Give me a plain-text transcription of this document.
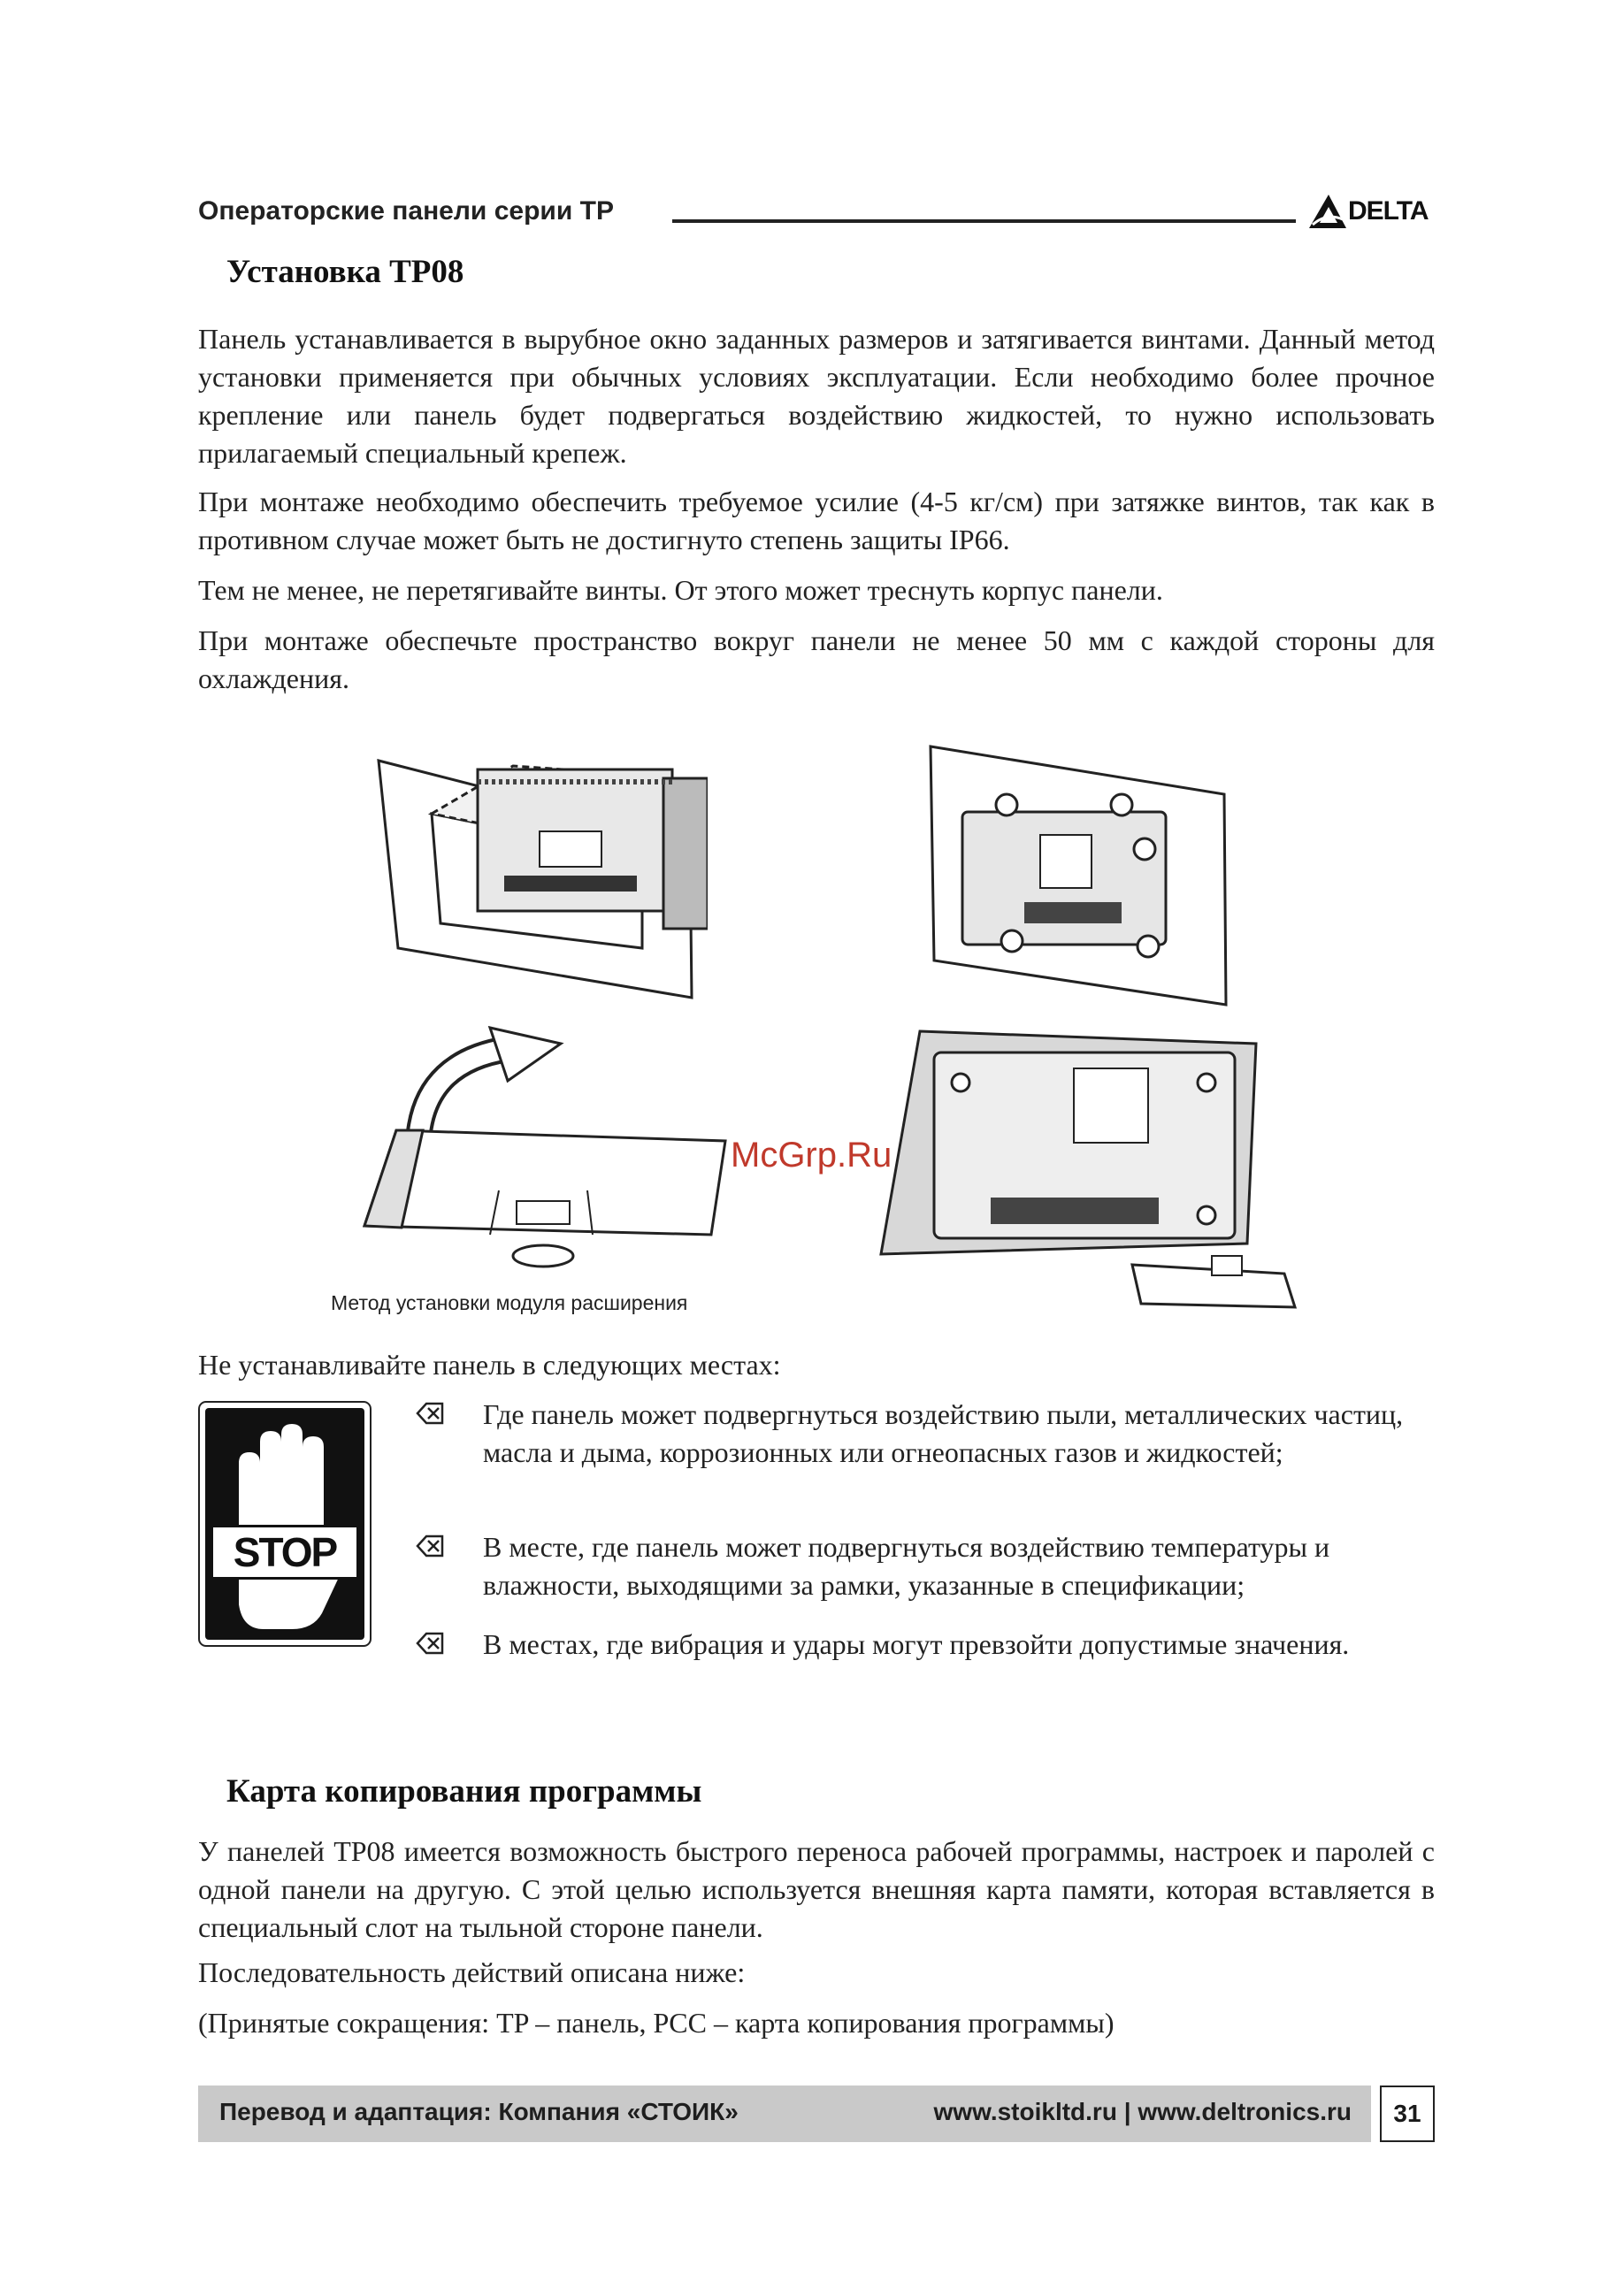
Операторские панели серии TP	DELTA
Установка TP08

Панель устанавливается в вырубное окно заданных размеров и затягивается винтами. Данный метод установки применяется при обычных условиях эксплуатации. Если необходимо более прочное крепление или панель будет подвергаться воздействию жидкостей, то нужно использовать прилагаемый специальный крепеж.

При монтаже необходимо обеспечить требуемое усилие (4-5 кг/см) при затяжке винтов, так как в противном случае может быть не достигнуто степень защиты IP66.

Тем не менее, не перетягивайте винты. От этого может треснуть корпус панели.

При монтаже обеспечьте пространство вокруг панели не менее 50 мм с каждой стороны для охлаждения.

McGrp.Ru
Метод установки модуля расширения

Не устанавливайте панель в следующих местах:

STOP
Где панель может подвергнуться воздействию пыли, металлических частиц, масла и дыма, коррозионных или огнеопасных газов и жидкостей;
В месте, где панель может подвергнуться воздействию температуры и влажности, выходящими за рамки, указанные в спецификации;
В местах, где вибрация и удары могут превзойти допустимые значения.
Карта копирования программы

У панелей TP08 имеется возможность быстрого переноса рабочей программы, настроек и паролей с одной панели на другую. С этой целью используется внешняя карта памяти, которая вставляется в специальный слот на тыльной стороне панели.

Последовательность действий описана ниже:

(Принятые сокращения: TP – панель, PCC – карта копирования программы)

Перевод и адаптация: Компания «СТОИК»	www.stoikltd.ru | www.deltronics.ru	31
